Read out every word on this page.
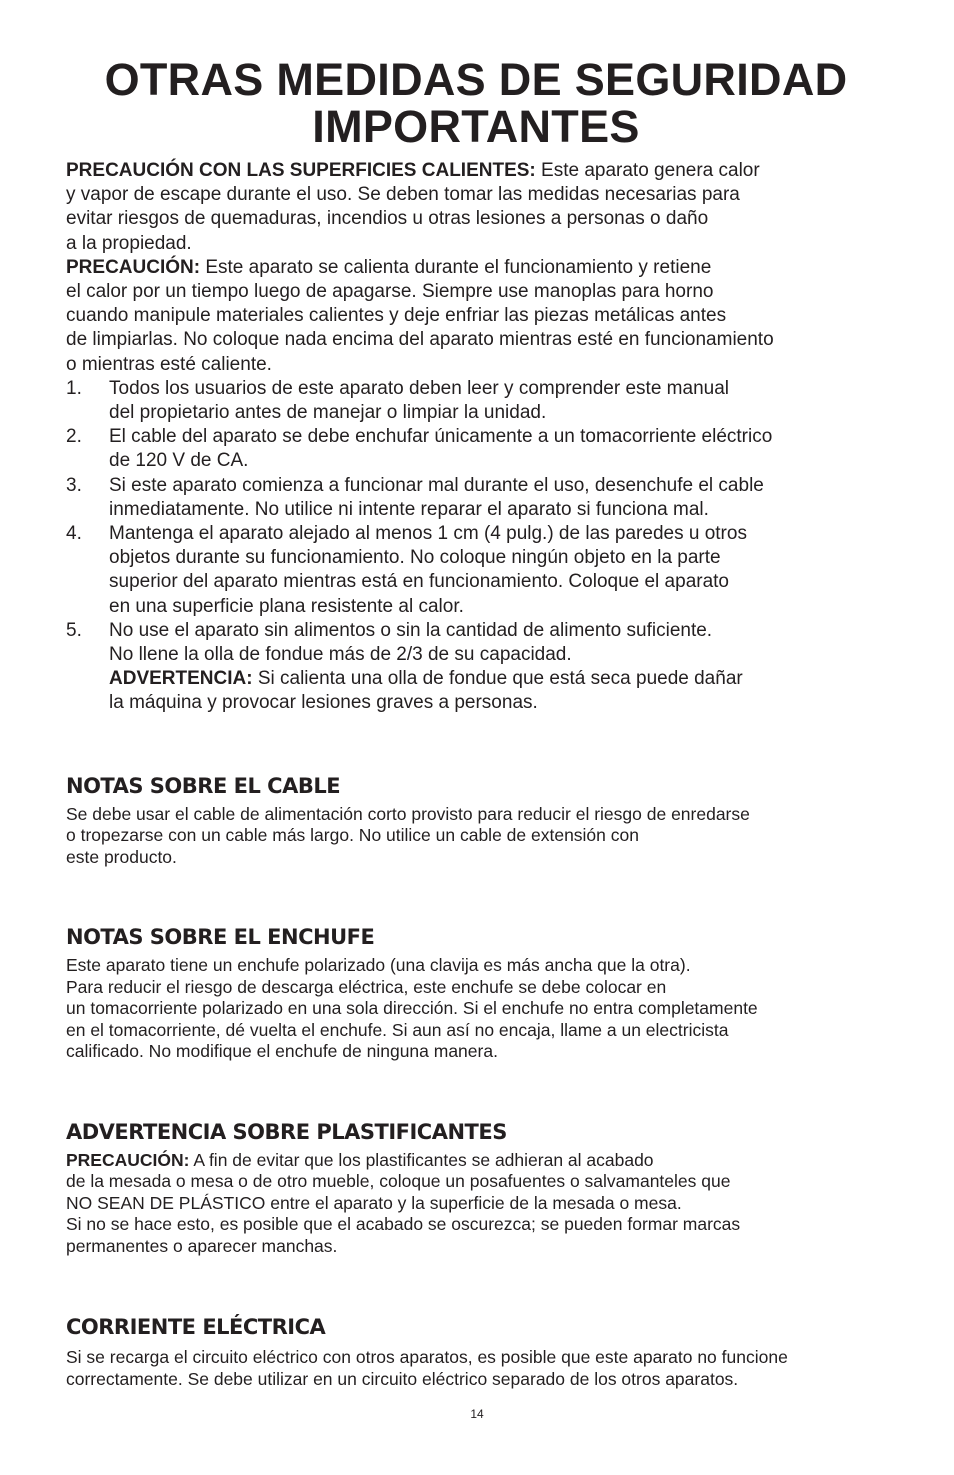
OTRAS MEDIDAS DE SEGURIDAD IMPORTANTES

PRECAUCIÓN CON LAS SUPERFICIES CALIENTES: Este aparato genera calor
y vapor de escape durante el uso. Se deben tomar las medidas necesarias para
evitar riesgos de quemaduras, incendios u otras lesiones a personas o daño
a la propiedad.

PRECAUCIÓN: Este aparato se calienta durante el funcionamiento y retiene
el calor por un tiempo luego de apagarse. Siempre use manoplas para horno
cuando manipule materiales calientes y deje enfriar las piezas metálicas antes
de limpiarlas. No coloque nada encima del aparato mientras esté en funcionamiento
o mientras esté caliente.

1. Todos los usuarios de este aparato deben leer y comprender este manual
del propietario antes de manejar o limpiar la unidad.
2. El cable del aparato se debe enchufar únicamente a un tomacorriente eléctrico
de 120 V de CA.
3. Si este aparato comienza a funcionar mal durante el uso, desenchufe el cable
inmediatamente. No utilice ni intente reparar el aparato si funciona mal.
4. Mantenga el aparato alejado al menos 1 cm (4 pulg.) de las paredes u otros
objetos durante su funcionamiento. No coloque ningún objeto en la parte
superior del aparato mientras está en funcionamiento. Coloque el aparato
en una superficie plana resistente al calor.
5. No use el aparato sin alimentos o sin la cantidad de alimento suficiente.
No llene la olla de fondue más de 2/3 de su capacidad.
ADVERTENCIA: Si calienta una olla de fondue que está seca puede dañar
la máquina y provocar lesiones graves a personas.
NOTAS SOBRE EL CABLE

Se debe usar el cable de alimentación corto provisto para reducir el riesgo de enredarse
o tropezarse con un cable más largo. No utilice un cable de extensión con
este producto.

NOTAS SOBRE EL ENCHUFE

Este aparato tiene un enchufe polarizado (una clavija es más ancha que la otra).
Para reducir el riesgo de descarga eléctrica, este enchufe se debe colocar en
un tomacorriente polarizado en una sola dirección. Si el enchufe no entra completamente
en el tomacorriente, dé vuelta el enchufe. Si aun así no encaja, llame a un electricista
calificado. No modifique el enchufe de ninguna manera.

ADVERTENCIA SOBRE PLASTIFICANTES

PRECAUCIÓN: A fin de evitar que los plastificantes se adhieran al acabado
de la mesada o mesa o de otro mueble, coloque un posafuentes o salvamanteles que
NO SEAN DE PLÁSTICO entre el aparato y la superficie de la mesada o mesa.
Si no se hace esto, es posible que el acabado se oscurezca; se pueden formar marcas
permanentes o aparecer manchas.

CORRIENTE ELÉCTRICA

Si se recarga el circuito eléctrico con otros aparatos, es posible que este aparato no funcione
correctamente. Se debe utilizar en un circuito eléctrico separado de los otros aparatos.

14
